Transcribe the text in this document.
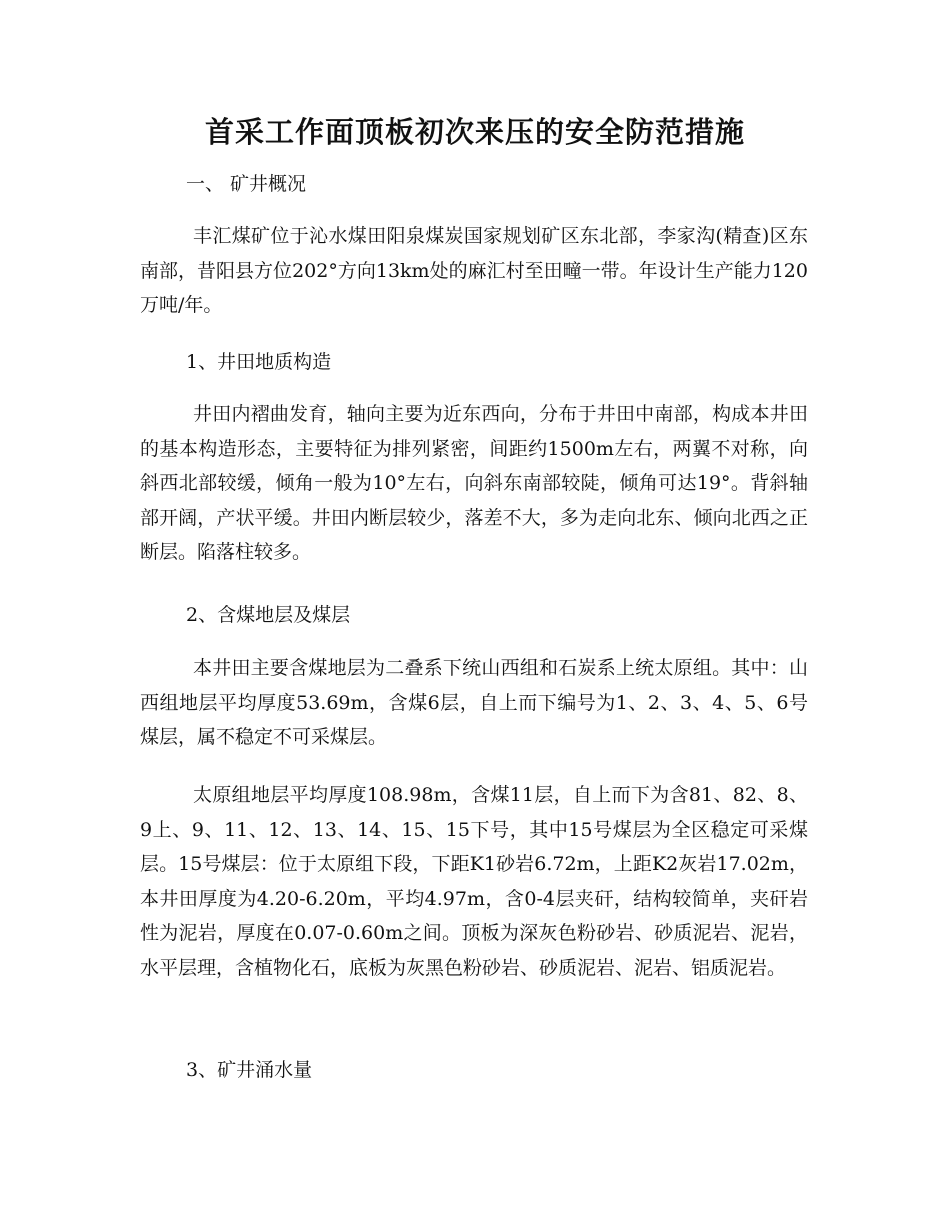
首采工作面顶板初次来压的安全防范措施

一、 矿井概况

丰汇煤矿位于沁水煤田阳泉煤炭国家规划矿区东北部，李家沟(精查)区东南部，昔阳县方位202°方向13km处的麻汇村至田疃一带。年设计生产能力120万吨/年。

1、井田地质构造

井田内褶曲发育，轴向主要为近东西向，分布于井田中南部，构成本井田的基本构造形态，主要特征为排列紧密，间距约1500m左右，两翼不对称，向斜西北部较缓，倾角一般为10°左右，向斜东南部较陡，倾角可达19°。背斜轴部开阔，产状平缓。井田内断层较少，落差不大，多为走向北东、倾向北西之正断层。陷落柱较多。

2、含煤地层及煤层

本井田主要含煤地层为二叠系下统山西组和石炭系上统太原组。其中：山西组地层平均厚度53.69m，含煤6层，自上而下编号为1、2、3、4、5、6号煤层，属不稳定不可采煤层。

太原组地层平均厚度108.98m，含煤11层，自上而下为含81、82、8、9上、9、11、12、13、14、15、15下号，其中15号煤层为全区稳定可采煤层。15号煤层：位于太原组下段，下距K1砂岩6.72m，上距K2灰岩17.02m，本井田厚度为4.20-6.20m，平均4.97m，含0-4层夹矸，结构较简单，夹矸岩性为泥岩，厚度在0.07-0.60m之间。顶板为深灰色粉砂岩、砂质泥岩、泥岩，水平层理，含植物化石，底板为灰黑色粉砂岩、砂质泥岩、泥岩、铝质泥岩。

3、矿井涌水量
